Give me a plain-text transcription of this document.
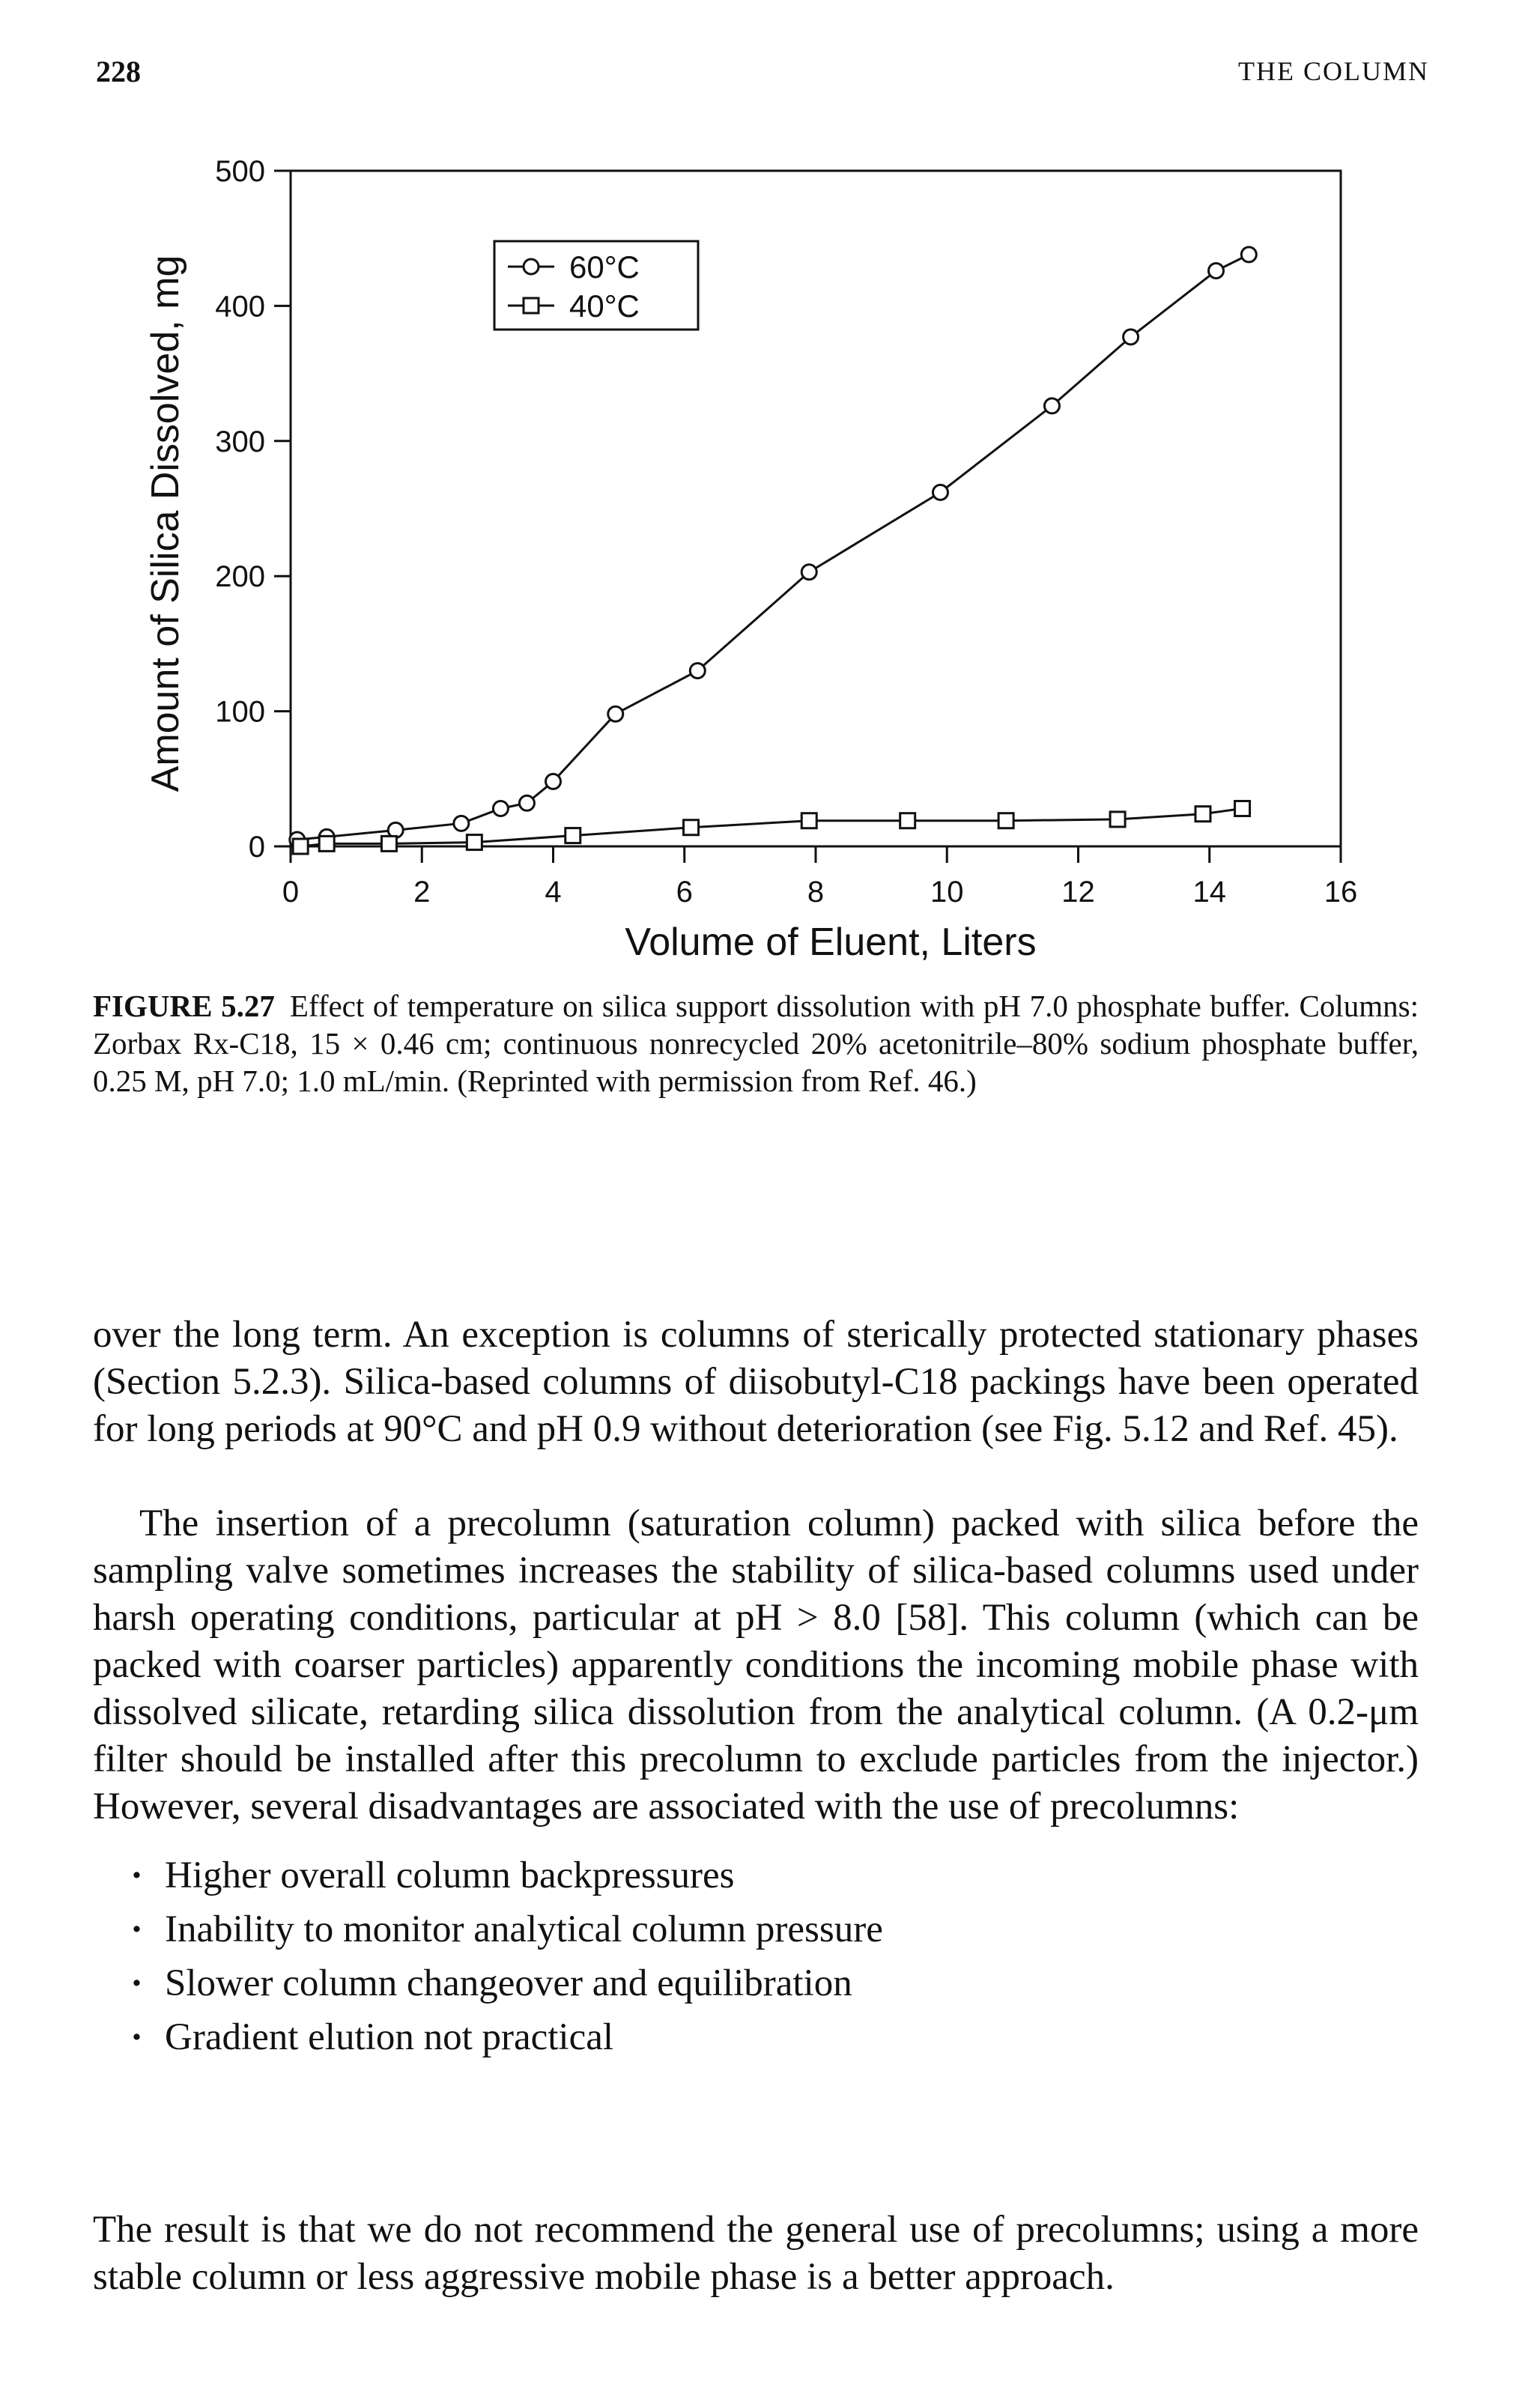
228	THE COLUMN
0	2	4	6	8	10	12	14	16
0
100
200
300
400
500
Volume of Eluent, Liters
Amount of Silica Dissolved, mg	60°C
40°C
FIGURE 5.27 Effect of temperature on silica support dissolution with pH 7.0 phosphate buffer. Columns: Zorbax Rx-C18, 15 × 0.46 cm; continuous nonrecycled 20% acetonitrile–80% sodium phosphate buffer, 0.25 M, pH 7.0; 1.0 mL/min. (Reprinted with permission from Ref. 46.)

over the long term. An exception is columns of sterically protected stationary phases (Section 5.2.3). Silica-based columns of diisobutyl-C18 packings have been operated for long periods at 90°C and pH 0.9 without deterioration (see Fig. 5.12 and Ref. 45).

The insertion of a precolumn (saturation column) packed with silica before the sampling valve sometimes increases the stability of silica-based columns used under harsh operating conditions, particular at pH > 8.0 [58]. This column (which can be packed with coarser particles) apparently conditions the incoming mobile phase with dissolved silicate, retarding silica dissolution from the analytical column. (A 0.2-μm filter should be installed after this precolumn to exclude particles from the injector.) However, several disadvantages are associated with the use of precolumns:

· Higher overall column backpressures
· Inability to monitor analytical column pressure
· Slower column changeover and equilibration
· Gradient elution not practical

The result is that we do not recommend the general use of precolumns; using a more stable column or less aggressive mobile phase is a better approach.
